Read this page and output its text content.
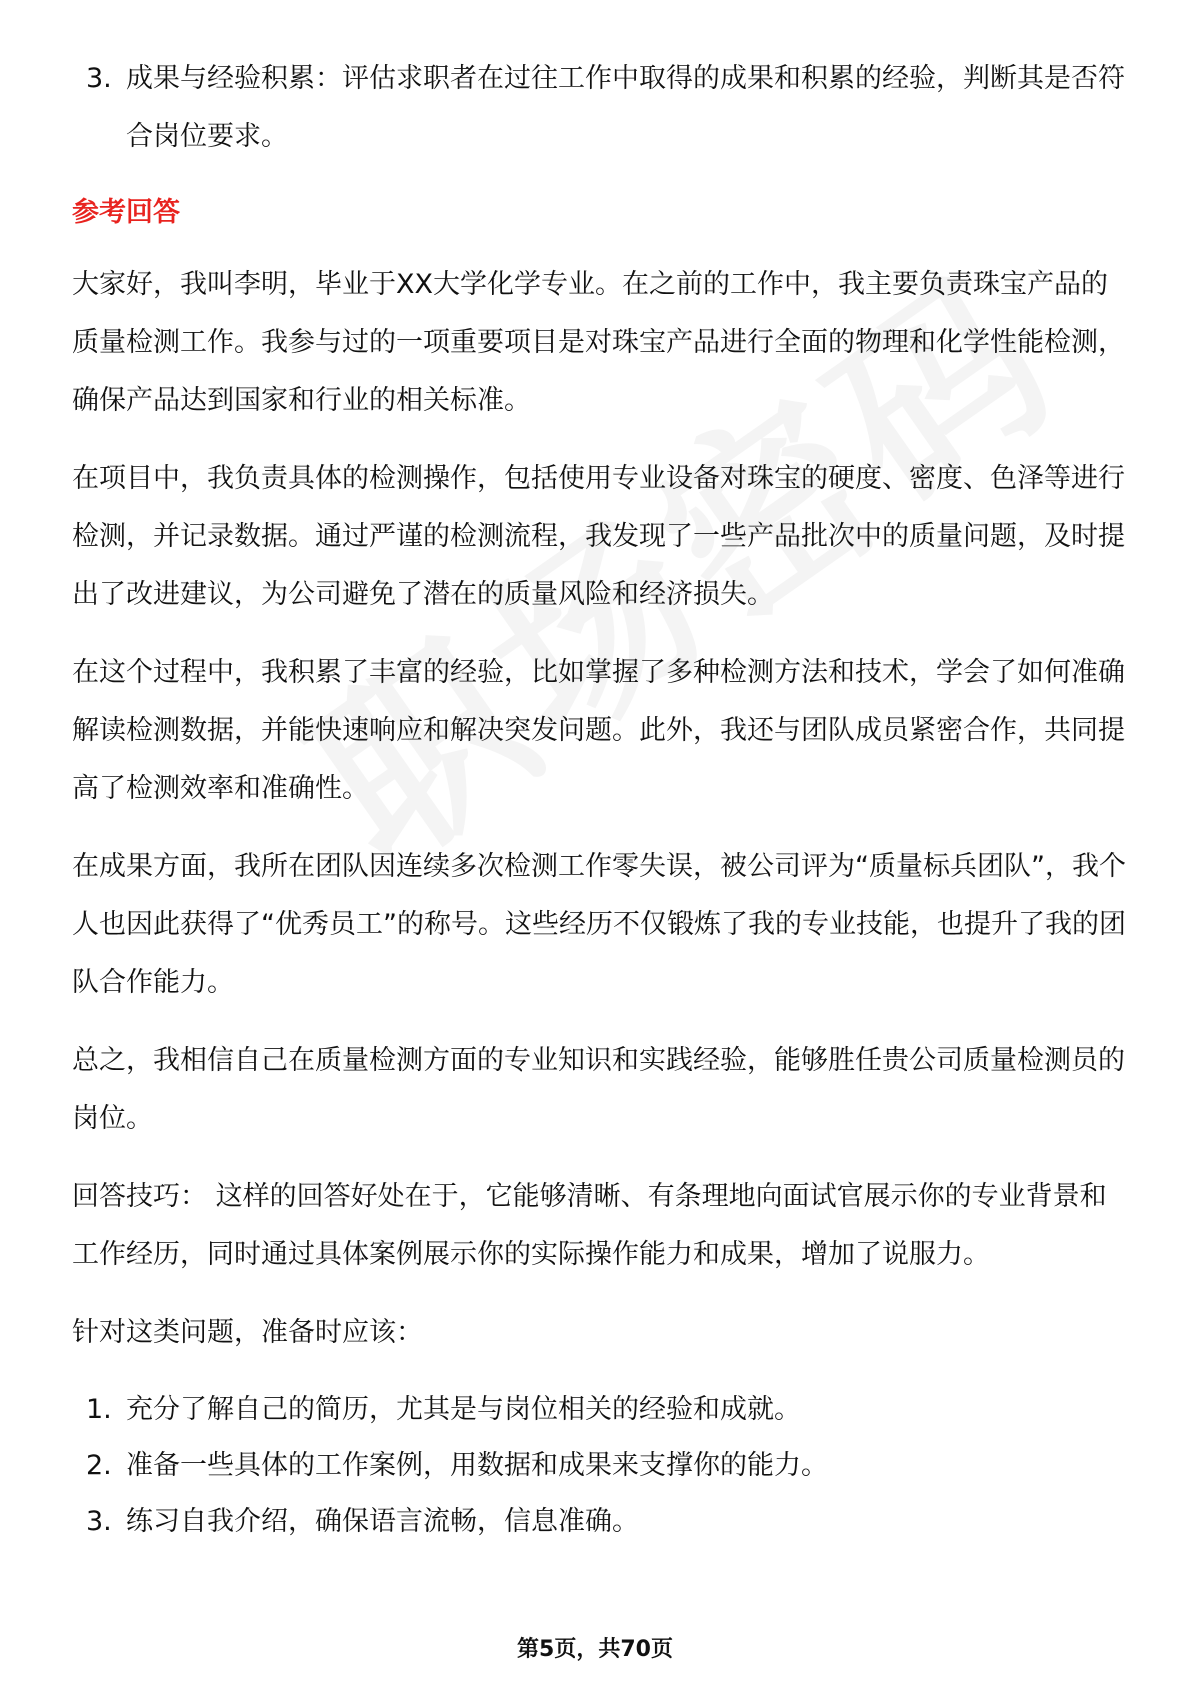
3. 成果与经验积累：评估求职者在过往工作中取得的成果和积累的经验，判断其是否符合岗位要求。
参考回答
大家好，我叫李明，毕业于XX大学化学专业。在之前的工作中，我主要负责珠宝产品的质量检测工作。我参与过的一项重要项目是对珠宝产品进行全面的物理和化学性能检测，确保产品达到国家和行业的相关标准。
在项目中，我负责具体的检测操作，包括使用专业设备对珠宝的硬度、密度、色泽等进行检测，并记录数据。通过严谨的检测流程，我发现了一些产品批次中的质量问题，及时提出了改进建议，为公司避免了潜在的质量风险和经济损失。
在这个过程中，我积累了丰富的经验，比如掌握了多种检测方法和技术，学会了如何准确解读检测数据，并能快速响应和解决突发问题。此外，我还与团队成员紧密合作，共同提高了检测效率和准确性。
在成果方面，我所在团队因连续多次检测工作零失误，被公司评为“质量标兵团队”，我个人也因此获得了“优秀员工”的称号。这些经历不仅锻炼了我的专业技能，也提升了我的团队合作能力。
总之，我相信自己在质量检测方面的专业知识和实践经验，能够胜任贵公司质量检测员的岗位。
回答技巧： 这样的回答好处在于，它能够清晰、有条理地向面试官展示你的专业背景和工作经历，同时通过具体案例展示你的实际操作能力和成果，增加了说服力。
针对这类问题，准备时应该：
1. 充分了解自己的简历，尤其是与岗位相关的经验和成就。
2. 准备一些具体的工作案例，用数据和成果来支撑你的能力。
3. 练习自我介绍，确保语言流畅，信息准确。
第5页，共70页
